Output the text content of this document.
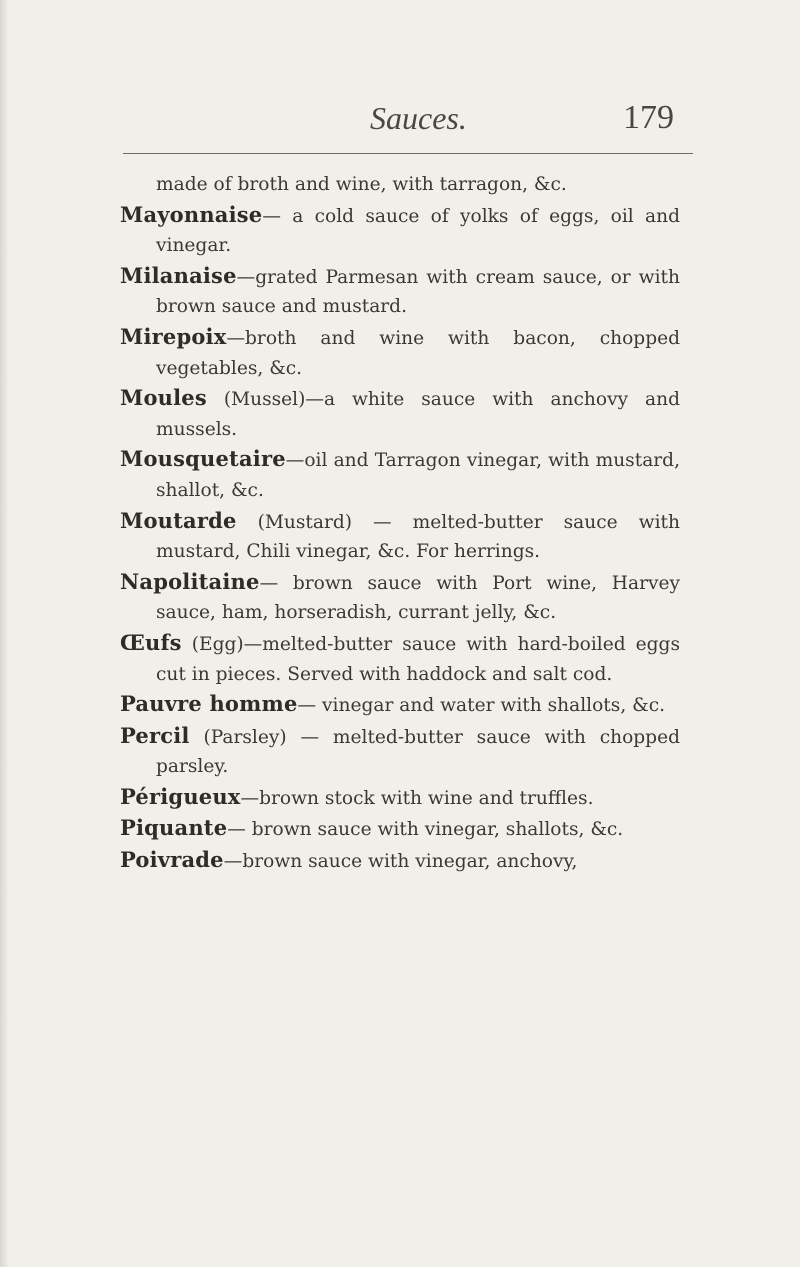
Sauces.	179

made of broth and wine, with tarragon, &c.

Mayonnaise— a cold sauce of yolks of eggs, oil and vinegar.

Milanaise—grated Parmesan with cream sauce, or with brown sauce and mustard.

Mirepoix—broth and wine with bacon, chopped vegetables, &c.

Moules (Mussel)—a white sauce with anchovy and mussels.

Mousquetaire—oil and Tarragon vinegar, with mustard, shallot, &c.

Moutarde (Mustard) — melted-butter sauce with mustard, Chili vinegar, &c. For herrings.

Napolitaine— brown sauce with Port wine, Harvey sauce, ham, horseradish, currant jelly, &c.

Œufs (Egg)—melted-butter sauce with hard-boiled eggs cut in pieces. Served with haddock and salt cod.

Pauvre homme— vinegar and water with shallots, &c.

Percil (Parsley) — melted-butter sauce with chopped parsley.

Périgueux—brown stock with wine and truffles.

Piquante— brown sauce with vinegar, shallots, &c.

Poivrade—brown sauce with vinegar, anchovy,
